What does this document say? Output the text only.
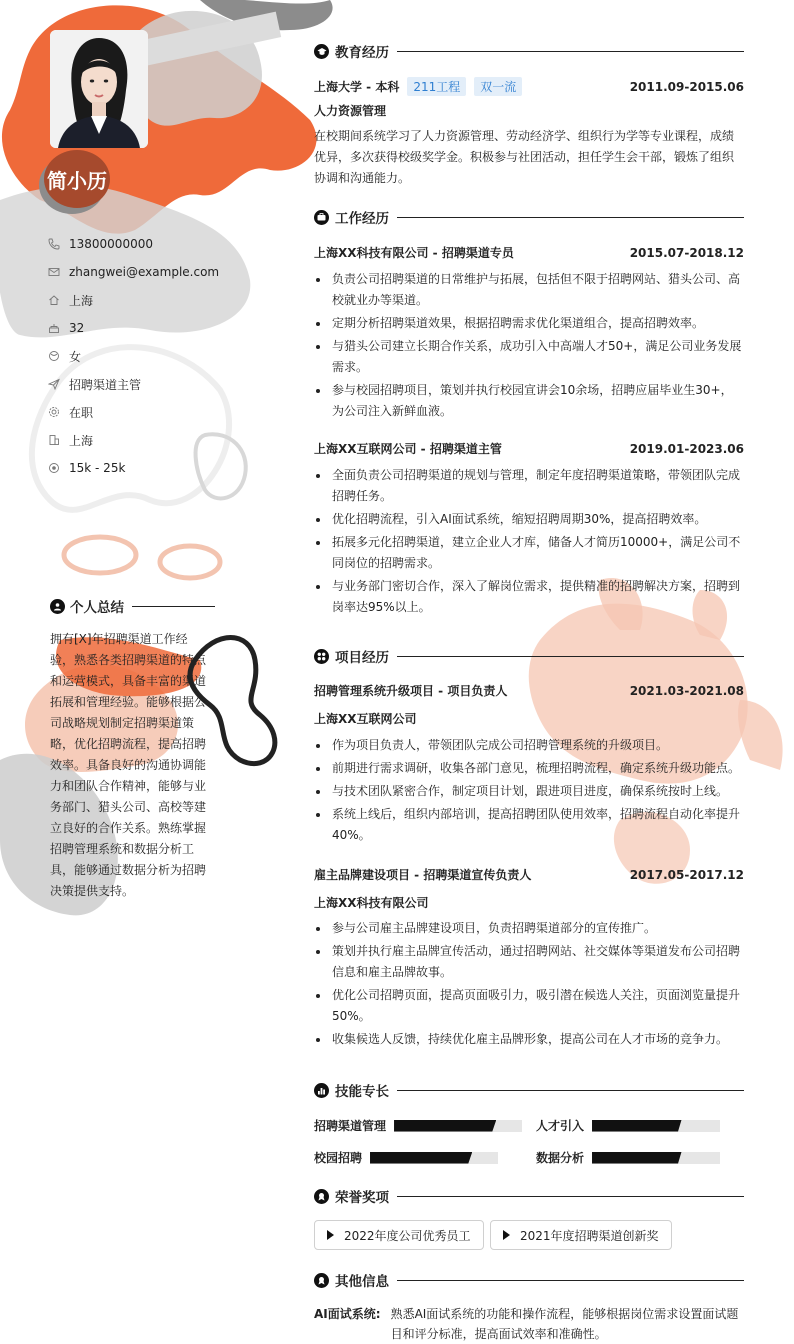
简小历
13800000000
zhangwei@example.com
上海
32
女
招聘渠道主管
在职
上海
15k - 25k
个人总结
拥有[X]年招聘渠道工作经验，熟悉各类招聘渠道的特点和运营模式，具备丰富的渠道拓展和管理经验。能够根据公司战略规划制定招聘渠道策略，优化招聘流程，提高招聘效率。具备良好的沟通协调能力和团队合作精神，能够与业务部门、猎头公司、高校等建立良好的合作关系。熟练掌握招聘管理系统和数据分析工具，能够通过数据分析为招聘决策提供支持。
教育经历
上海大学 - 本科	211工程	双一流	2011.09-2015.06
人力资源管理
在校期间系统学习了人力资源管理、劳动经济学、组织行为学等专业课程，成绩优异，多次获得校级奖学金。积极参与社团活动，担任学生会干部，锻炼了组织协调和沟通能力。
工作经历
上海XX科技有限公司 - 招聘渠道专员	2015.07-2018.12
负责公司招聘渠道的日常维护与拓展，包括但不限于招聘网站、猎头公司、高校就业办等渠道。
定期分析招聘渠道效果，根据招聘需求优化渠道组合，提高招聘效率。
与猎头公司建立长期合作关系，成功引入中高端人才50+，满足公司业务发展需求。
参与校园招聘项目，策划并执行校园宣讲会10余场，招聘应届毕业生30+，为公司注入新鲜血液。
上海XX互联网公司 - 招聘渠道主管	2019.01-2023.06
全面负责公司招聘渠道的规划与管理，制定年度招聘渠道策略，带领团队完成招聘任务。
优化招聘流程，引入AI面试系统，缩短招聘周期30%，提高招聘效率。
拓展多元化招聘渠道，建立企业人才库，储备人才简历10000+，满足公司不同岗位的招聘需求。
与业务部门密切合作，深入了解岗位需求，提供精准的招聘解决方案，招聘到岗率达95%以上。
项目经历
招聘管理系统升级项目 - 项目负责人	2021.03-2021.08
上海XX互联网公司
作为项目负责人，带领团队完成公司招聘管理系统的升级项目。
前期进行需求调研，收集各部门意见，梳理招聘流程，确定系统升级功能点。
与技术团队紧密合作，制定项目计划，跟进项目进度，确保系统按时上线。
系统上线后，组织内部培训，提高招聘团队使用效率，招聘流程自动化率提升40%。
雇主品牌建设项目 - 招聘渠道宣传负责人	2017.05-2017.12
上海XX科技有限公司
参与公司雇主品牌建设项目，负责招聘渠道部分的宣传推广。
策划并执行雇主品牌宣传活动，通过招聘网站、社交媒体等渠道发布公司招聘信息和雇主品牌故事。
优化公司招聘页面，提高页面吸引力，吸引潜在候选人关注，页面浏览量提升50%。
收集候选人反馈，持续优化雇主品牌形象，提高公司在人才市场的竞争力。
技能专长
招聘渠道管理	人才引入
校园招聘	数据分析
荣誉奖项
2022年度公司优秀员工	2021年度招聘渠道创新奖
其他信息
AI面试系统: 熟悉AI面试系统的功能和操作流程，能够根据岗位需求设置面试题目和评分标准，提高面试效率和准确性。
